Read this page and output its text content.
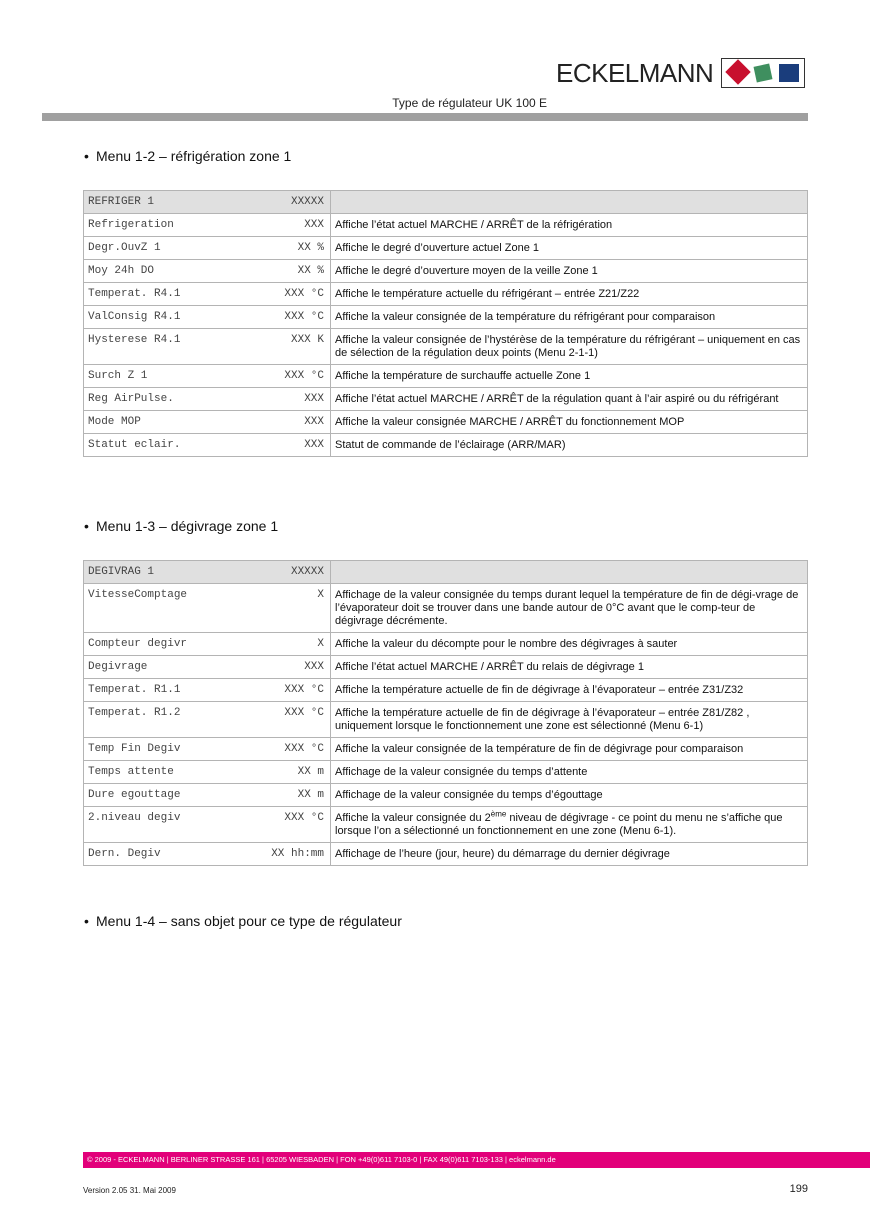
ECKELMANN
Type de régulateur UK 100 E
• Menu 1-2 – réfrigération zone 1
REFRIGER 1 XXXXX	

Refrigeration XXX	Affiche l’état actuel MARCHE / ARRÊT de la réfrigération

Degr.OuvZ 1 XX %	Affiche le degré d’ouverture actuel Zone 1

Moy 24h DO XX %	Affiche le degré d’ouverture moyen de la veille Zone 1

Temperat. R4.1 XXX °C	Affiche le température actuelle du réfrigérant – entrée Z21/Z22

ValConsig R4.1 XXX °C	Affiche la valeur consignée de la température du réfrigérant pour comparaison

Hysterese R4.1 XXX K	Affiche la valeur consignée de l’hystérèse de la température du réfrigérant – uniquement en cas de sélection de la régulation deux points (Menu 2-1-1)

Surch Z 1 XXX °C	Affiche la température de surchauffe actuelle Zone 1

Reg AirPulse. XXX	Affiche l’état actuel MARCHE / ARRÊT de la régulation quant à l’air aspiré ou du réfrigérant

Mode MOP XXX	Affiche la valeur consignée MARCHE / ARRÊT du fonctionnement MOP

Statut eclair. XXX	Statut de commande de l’éclairage (ARR/MAR)
• Menu 1-3 – dégivrage zone 1
DEGIVRAG 1 XXXXX	

VitesseComptage X	Affichage de la valeur consignée du temps durant lequel la température de fin de dégi-vrage de l’évaporateur doit se trouver dans une bande autour de 0°C avant que le comp-teur de dégivrage décrémente.

Compteur degivr X	Affiche la valeur du décompte pour le nombre des dégivrages à sauter

Degivrage XXX	Affiche l’état actuel MARCHE / ARRÊT du relais de dégivrage 1

Temperat. R1.1 XXX °C	Affiche la température actuelle de fin de dégivrage à l’évaporateur – entrée Z31/Z32

Temperat. R1.2 XXX °C	Affiche la température actuelle de fin de dégivrage à l’évaporateur – entrée Z81/Z82 , uniquement lorsque le fonctionnement une zone est sélectionné (Menu 6-1)

Temp Fin Degiv XXX °C	Affiche la valeur consignée de la température de fin de dégivrage pour comparaison

Temps attente XX m	Affichage de la valeur consignée du temps d’attente

Dure egouttage XX m	Affichage de la valeur consignée du temps d’égouttage

2.niveau degiv XXX °C	Affiche la valeur consignée du 2ème niveau de dégivrage - ce point du menu ne s’affiche que lorsque l’on a sélectionné un fonctionnement en une zone (Menu 6-1).

Dern. Degiv XX hh:mm	Affichage de l’heure (jour, heure) du démarrage du dernier dégivrage
• Menu 1-4 – sans objet pour ce type de régulateur
© 2009 - ECKELMANN | BERLINER STRASSE 161 | 65205 WIESBADEN | FON +49(0)611 7103-0 | FAX 49(0)611 7103-133 | eckelmann.de
Version 2.05 31. Mai 2009	199
